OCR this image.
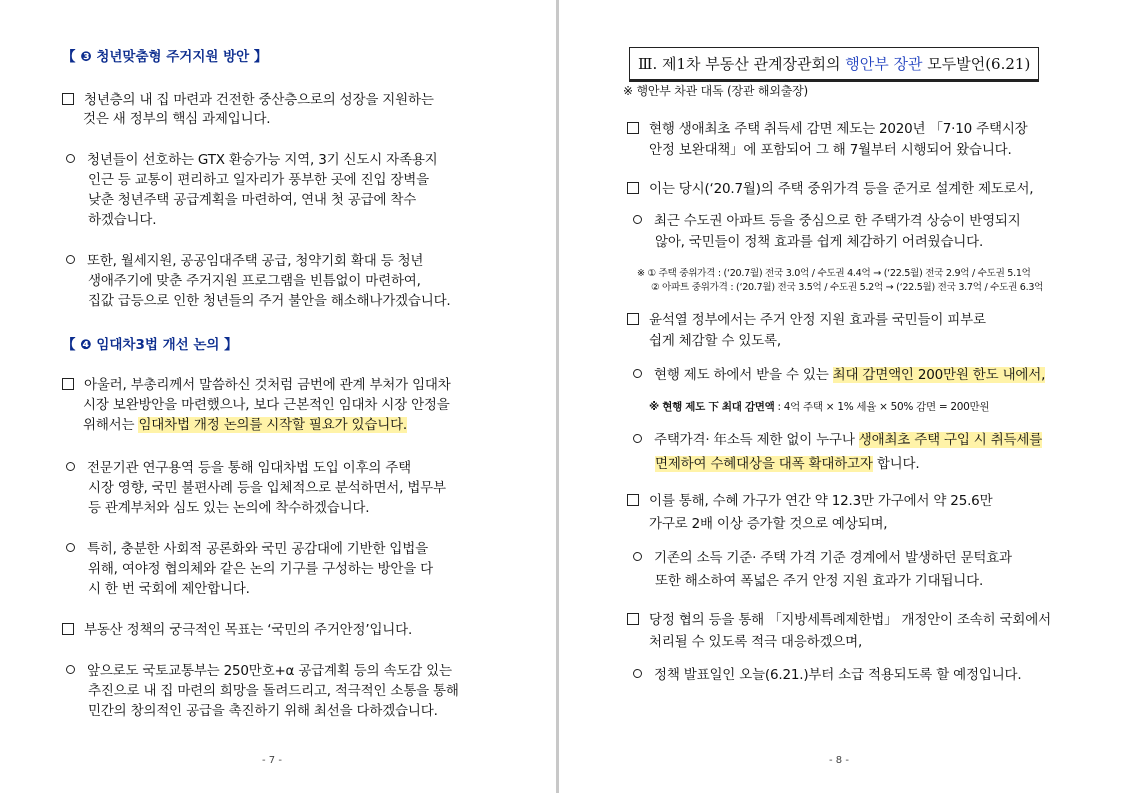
【 ❸ 청년맞춤형 주거지원 방안 】
청년층의 내 집 마련과 건전한 중산층으로의 성장을 지원하는
것은 새 정부의 핵심 과제입니다.
청년들이 선호하는 GTX 환승가능 지역, 3기 신도시 자족용지
인근 등 교통이 편리하고 일자리가 풍부한 곳에 진입 장벽을
낮춘 청년주택 공급계획을 마련하여, 연내 첫 공급에 착수
하겠습니다.
또한, 월세지원, 공공임대주택 공급, 청약기회 확대 등 청년
생애주기에 맞춘 주거지원 프로그램을 빈틈없이 마련하여,
집값 급등으로 인한 청년들의 주거 불안을 해소해나가겠습니다.
【 ❹ 임대차3법 개선 논의 】
아울러, 부총리께서 말씀하신 것처럼 금번에 관계 부처가 임대차
시장 보완방안을 마련했으나, 보다 근본적인 임대차 시장 안정을
위해서는 임대차법 개정 논의를 시작할 필요가 있습니다.
전문기관 연구용역 등을 통해 임대차법 도입 이후의 주택
시장 영향, 국민 불편사례 등을 입체적으로 분석하면서, 법무부
등 관계부처와 심도 있는 논의에 착수하겠습니다.
특히, 충분한 사회적 공론화와 국민 공감대에 기반한 입법을
위해, 여야정 협의체와 같은 논의 기구를 구성하는 방안을 다
시 한 번 국회에 제안합니다.
부동산 정책의 궁극적인 목표는 ‘국민의 주거안정’입니다.
앞으로도 국토교통부는 250만호+α 공급계획 등의 속도감 있는
추진으로 내 집 마련의 희망을 돌려드리고, 적극적인 소통을 통해
민간의 창의적인 공급을 촉진하기 위해 최선을 다하겠습니다.
- 7 -
Ⅲ. 제1차 부동산 관계장관회의 행안부 장관 모두발언(6.21)
※ 행안부 차관 대독 (장관 해외출장)
현행 생애최초 주택 취득세 감면 제도는 2020년 「7·10 주택시장
안정 보완대책」에 포함되어 그 해 7월부터 시행되어 왔습니다.
이는 당시(‘20.7월)의 주택 중위가격 등을 준거로 설계한 제도로서,
최근 수도권 아파트 등을 중심으로 한 주택가격 상승이 반영되지
않아, 국민들이 정책 효과를 쉽게 체감하기 어려웠습니다.
※ ① 주택 중위가격 : (‘20.7월) 전국 3.0억 / 수도권 4.4억 → (‘22.5월) 전국 2.9억 / 수도권 5.1억
② 아파트 중위가격 : (‘20.7월) 전국 3.5억 / 수도권 5.2억 → (‘22.5월) 전국 3.7억 / 수도권 6.3억
윤석열 정부에서는 주거 안정 지원 효과를 국민들이 피부로
쉽게 체감할 수 있도록,
현행 제도 하에서 받을 수 있는 최대 감면액인 200만원 한도 내에서,
※ 현행 제도 下 최대 감면액 : 4억 주택 × 1% 세율 × 50% 감면 = 200만원
주택가격· 年소득 제한 없이 누구나 생애최초 주택 구입 시 취득세를
면제하여 수혜대상을 대폭 확대하고자 합니다.
이를 통해, 수혜 가구가 연간 약 12.3만 가구에서 약 25.6만
가구로 2배 이상 증가할 것으로 예상되며,
기존의 소득 기준· 주택 가격 기준 경계에서 발생하던 문턱효과
또한 해소하여 폭넓은 주거 안정 지원 효과가 기대됩니다.
당정 협의 등을 통해 「지방세특례제한법」 개정안이 조속히 국회에서
처리될 수 있도록 적극 대응하겠으며,
정책 발표일인 오늘(6.21.)부터 소급 적용되도록 할 예정입니다.
- 8 -
